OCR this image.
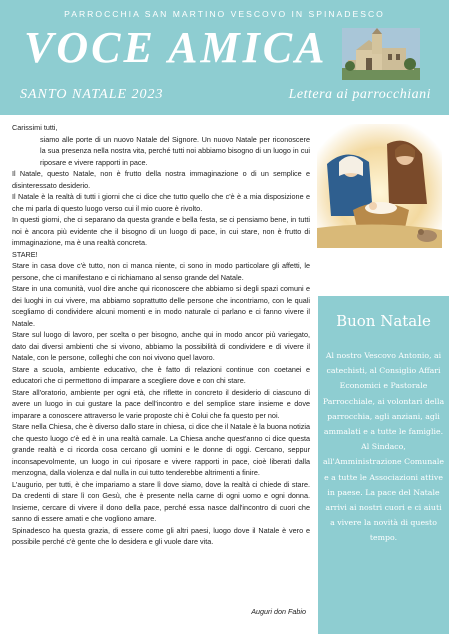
PARROCCHIA SAN MARTINO VESCOVO IN SPINADESCO
VOCE AMICA
SANTO NATALE 2023	Lettera ai parrocchiani

Carissimi tutti,

siamo alle porte di un nuovo Natale del Signore. Un nuovo Natale per riconoscere la sua presenza nella nostra vita, perché tutti noi abbiamo bisogno di un luogo in cui riposare e vivere rapporti in pace.

Il Natale, questo Natale, non è frutto della nostra immaginazione o di un semplice e disinteressato desiderio.

Il Natale è la realtà di tutti i giorni che ci dice che tutto quello che c'è è a mia disposizione e che mi parla di questo luogo verso cui il mio cuore è rivolto.

In questi giorni, che ci separano da questa grande e bella festa, se ci pensiamo bene, in tutti noi è ancora più evidente che il bisogno di un luogo di pace, in cui stare, non è frutto di immaginazione, ma è una realtà concreta.

STARE!

Stare in casa dove c'è tutto, non ci manca niente, ci sono in modo particolare gli affetti, le persone, che ci manifestano e ci richiamano al senso grande del Natale.

Stare in una comunità, vuol dire anche qui riconoscere che abbiamo si degli spazi comuni e dei luoghi in cui vivere, ma abbiamo soprattutto delle persone che incontriamo, con le quali scegliamo di condividere alcuni momenti e in modo naturale ci parlano e ci fanno vivere il Natale.

Stare sul luogo di lavoro, per scelta o per bisogno, anche qui in modo ancor più variegato, dato dai diversi ambienti che si vivono, abbiamo la possibilità di condividere e di vivere il Natale, con le persone, colleghi che con noi vivono quel lavoro.

Stare a scuola, ambiente educativo, che è fatto di relazioni continue con coetanei e educatori che ci permettono di imparare a scegliere dove e con chi stare.

Stare all'oratorio, ambiente per ogni età, che riflette in concreto il desiderio di ciascuno di avere un luogo in cui gustare la pace dell'incontro e del semplice stare insieme e dove imparare a conoscere attraverso le varie proposte chi è Colui che fa questo per noi.

Stare nella Chiesa, che è diverso dallo stare in chiesa, ci dice che il Natale è la buona notizia che questo luogo c'è ed è in una realtà carnale. La Chiesa anche quest'anno ci dice questa grande realtà e ci ricorda cosa cercano gli uomini e le donne di oggi. Cercano, seppur inconsapevolmente, un luogo in cui riposare e vivere rapporti in pace, cioè liberati dalla menzogna, dalla violenza e dal nulla in cui tutto tenderebbe altrimenti a finire.

L'augurio, per tutti, è che impariamo a stare lì dove siamo, dove la realtà ci chiede di stare. Da credenti di stare lì con Gesù, che è presente nella carne di ogni uomo e ogni donna. Insieme, cercare di vivere il dono della pace, perché essa nasce dall'incontro di cuori che sanno di essere amati e che vogliono amare.

Spinadesco ha questa grazia, di essere come gli altri paesi, luogo dove il Natale è vero e possibile perché c'è gente che lo desidera e gli vuole dare vita.

Auguri don Fabio
Buon Natale
Al nostro Vescovo Antonio, ai catechisti, al Consiglio Affari Economici e Pastorale Parrocchiale, ai volontari della parrocchia, agli anziani, agli ammalati e a tutte le famiglie. Al Sindaco, all'Amministrazione Comunale e a tutte le Associazioni attive in paese. La pace del Natale arrivi ai nostri cuori e ci aiuti a vivere la novità di questo tempo.
